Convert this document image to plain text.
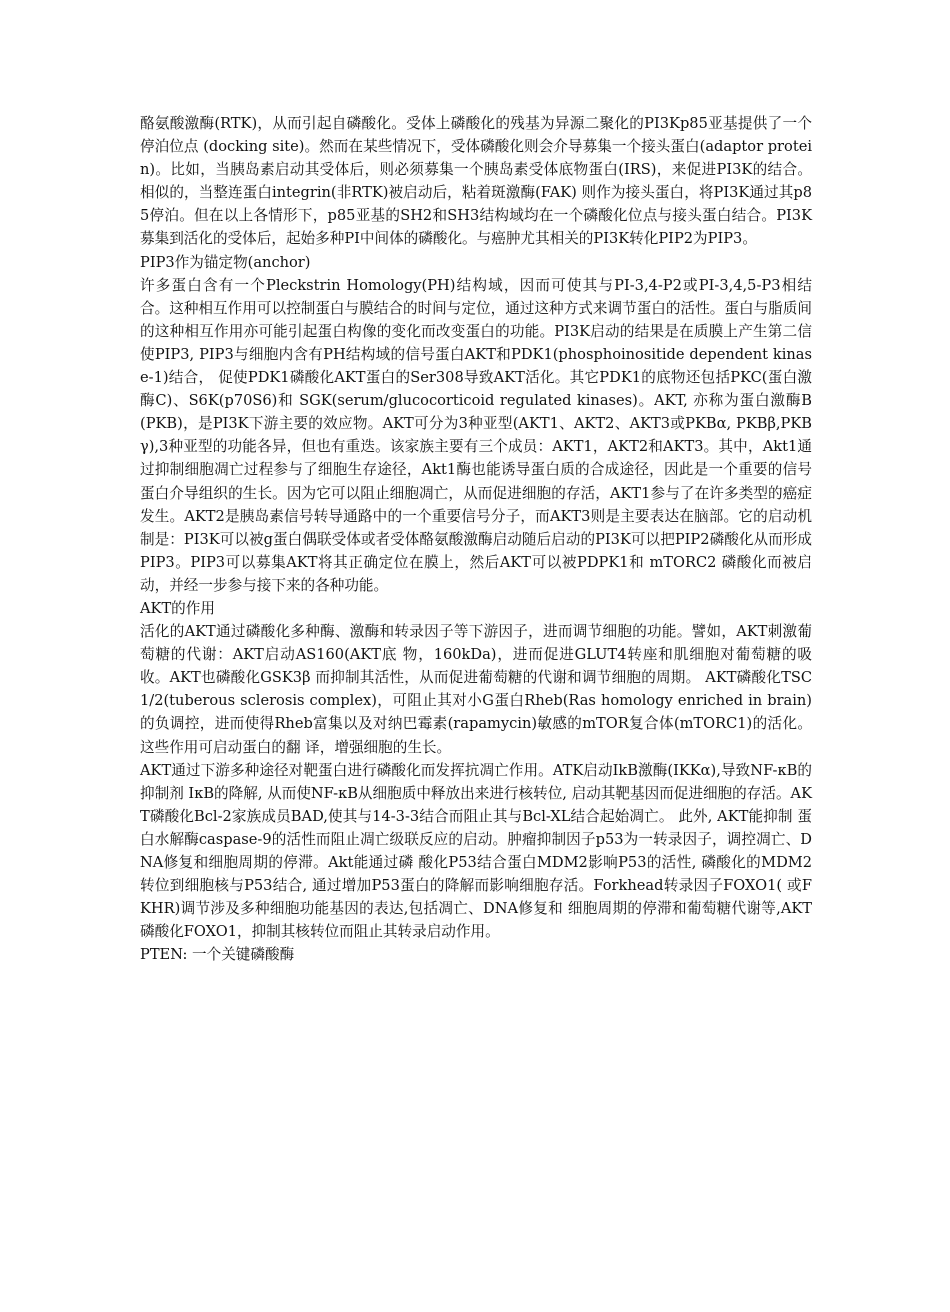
酪氨酸激酶(RTK)，从而引起自磷酸化。受体上磷酸化的残基为异源二聚化的PI3Kp85亚基提供了一个停泊位点 (docking site)。然而在某些情况下，受体磷酸化则会介导募集一个接头蛋白(adaptor protein)。比如，当胰岛素启动其受体后，则必须募集一个胰岛素受体底物蛋白(IRS)，来促进PI3K的结合。相似的，当整连蛋白integrin(非RTK)被启动后，粘着斑激酶(FAK) 则作为接头蛋白，将PI3K通过其p85停泊。但在以上各情形下，p85亚基的SH2和SH3结构域均在一个磷酸化位点与接头蛋白结合。PI3K募集到活化的受体后，起始多种PI中间体的磷酸化。与癌肿尤其相关的PI3K转化PIP2为PIP3。

PIP3作为锚定物(anchor)

许多蛋白含有一个Pleckstrin Homology(PH)结构域，因而可使其与PI-3,4-P2或PI-3,4,5-P3相结合。这种相互作用可以控制蛋白与膜结合的时间与定位，通过这种方式来调节蛋白的活性。蛋白与脂质间的这种相互作用亦可能引起蛋白构像的变化而改变蛋白的功能。PI3K启动的结果是在质膜上产生第二信使PIP3, PIP3与细胞内含有PH结构域的信号蛋白AKT和PDK1(phosphoinositide dependent kinase-1)结合， 促使PDK1磷酸化AKT蛋白的Ser308导致AKT活化。其它PDK1的底物还包括PKC(蛋白激酶C)、S6K(p70S6)和 SGK(serum/glucocorticoid regulated kinases)。AKT, 亦称为蛋白激酶B(PKB)，是PI3K下游主要的效应物。AKT可分为3种亚型(AKT1、AKT2、AKT3或PKBα, PKBβ,PKBγ),3种亚型的功能各异，但也有重迭。该家族主要有三个成员：AKT1，AKT2和AKT3。其中，Akt1通过抑制细胞凋亡过程参与了细胞生存途径，Akt1酶也能诱导蛋白质的合成途径，因此是一个重要的信号蛋白介导组织的生长。因为它可以阻止细胞凋亡，从而促进细胞的存活，AKT1参与了在许多类型的癌症发生。AKT2是胰岛素信号转导通路中的一个重要信号分子，而AKT3则是主要表达在脑部。它的启动机制是：PI3K可以被g蛋白偶联受体或者受体酪氨酸激酶启动随后启动的PI3K可以把PIP2磷酸化从而形成PIP3。PIP3可以募集AKT将其正确定位在膜上，然后AKT可以被PDPK1和 mTORC2 磷酸化而被启动，并经一步参与接下来的各种功能。

AKT的作用

活化的AKT通过磷酸化多种酶、激酶和转录因子等下游因子，进而调节细胞的功能。譬如，AKT刺激葡萄糖的代谢：AKT启动AS160(AKT底 物，160kDa)，进而促进GLUT4转座和肌细胞对葡萄糖的吸收。AKT也磷酸化GSK3β 而抑制其活性，从而促进葡萄糖的代谢和调节细胞的周期。 AKT磷酸化TSC1/2(tuberous sclerosis complex)，可阻止其对小G蛋白Rheb(Ras homology enriched in brain)的负调控，进而使得Rheb富集以及对纳巴霉素(rapamycin)敏感的mTOR复合体(mTORC1)的活化。这些作用可启动蛋白的翻 译，增强细胞的生长。

AKT通过下游多种途径对靶蛋白进行磷酸化而发挥抗凋亡作用。ATK启动IkB激酶(IKKα),导致NF-κB的抑制剂 IκB的降解, 从而使NF-κB从细胞质中释放出来进行核转位, 启动其靶基因而促进细胞的存活。AKT磷酸化Bcl-2家族成员BAD,使其与14-3-3结合而阻止其与Bcl-XL结合起始凋亡。 此外, AKT能抑制 蛋白水解酶caspase-9的活性而阻止凋亡级联反应的启动。肿瘤抑制因子p53为一转录因子，调控凋亡、DNA修复和细胞周期的停滞。Akt能通过磷 酸化P53结合蛋白MDM2影响P53的活性, 磷酸化的MDM2转位到细胞核与P53结合, 通过增加P53蛋白的降解而影响细胞存活。Forkhead转录因子FOXO1( 或FKHR)调节涉及多种细胞功能基因的表达,包括凋亡、DNA修复和 细胞周期的停滞和葡萄糖代谢等,AKT磷酸化FOXO1，抑制其核转位而阻止其转录启动作用。

PTEN: 一个关键磷酸酶
